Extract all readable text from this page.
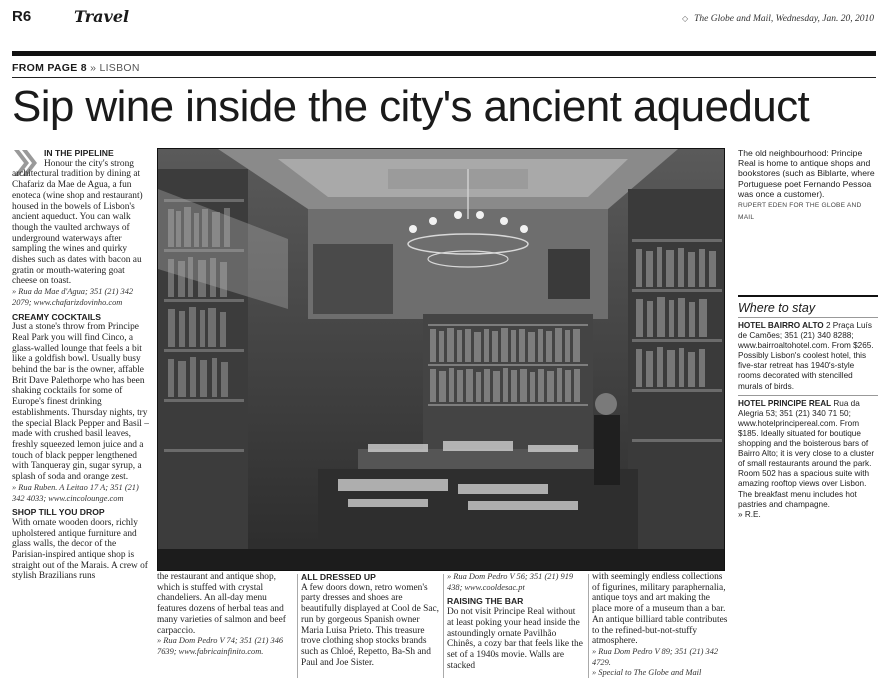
R6	Travel	◇ The Globe and Mail, Wednesday, Jan. 20, 2010
FROM PAGE 8 » LISBON
Sip wine inside the city's ancient aqueduct

IN THE PIPELINE

Honour the city's strong architectural tradition by dining at Chafariz da Mae de Agua, a fun enoteca (wine shop and restaurant) housed in the bowels of Lisbon's ancient aqueduct. You can walk though the vaulted archways of underground waterways after sampling the wines and quirky dishes such as dates with bacon au gratin or mouth-watering goat cheese on toast.

» Rua da Mae d'Agua; 351 (21) 342 2079; www.chafarizdovinho.com

CREAMY COCKTAILS

Just a stone's throw from Principe Real Park you will find Cinco, a glass-walled lounge that feels a bit like a goldfish bowl. Usually busy behind the bar is the owner, affable Brit Dave Palethorpe who has been shaking cocktails for some of Europe's finest drinking establishments. Thursday nights, try the special Black Pepper and Basil – made with crushed basil leaves, freshly squeezed lemon juice and a touch of black pepper lengthened with Tanqueray gin, sugar syrup, a splash of soda and orange zest.

» Rua Ruben. A Leitao 17 A; 351 (21) 342 4033; www.cincolounge.com

SHOP TILL YOU DROP

With ornate wooden doors, richly upholstered antique furniture and glass walls, the decor of the Parisian-inspired antique shop is straight out of the Marais. A crew of stylish Brazilians runs

The old neighbourhood: Principe Real is home to antique shops and bookstores (such as Biblarte, where Portuguese poet Fernando Pessoa was once a customer).
RUPERT EDEN FOR THE GLOBE AND MAIL
Where to stay

HOTEL BAIRRO ALTO 2 Praça Luís de Camões; 351 (21) 340 8288; www.bairroaltohotel.com. From $265. Possibly Lisbon's coolest hotel, this five-star retreat has 1940's-style rooms decorated with stencilled murals of birds.

HOTEL PRINCIPE REAL Rua da Alegria 53; 351 (21) 340 71 50; www.hotelprincipereal.com. From $185. Ideally situated for boutique shopping and the boisterous bars of Bairro Alto; it is very close to a cluster of small restaurants around the park. Room 502 has a spacious suite with amazing rooftop views over Lisbon. The breakfast menu includes hot pastries and champagne.

» R.E.

the restaurant and antique shop, which is stuffed with crystal chandeliers. An all-day menu features dozens of herbal teas and many varieties of salmon and beef carpaccio.

» Rua Dom Pedro V 74; 351 (21) 346 7639; www.fabricainfinito.com.

ALL DRESSED UP

A few doors down, retro women's party dresses and shoes are beautifully displayed at Cool de Sac, run by gorgeous Spanish owner Maria Luisa Prieto. This treasure trove clothing shop stocks brands such as Chloé, Repetto, Ba-Sh and Paul and Joe Sister.

» Rua Dom Pedro V 56; 351 (21) 919 438; www.cooldesac.pt

RAISING THE BAR

Do not visit Principe Real without at least poking your head inside the astoundingly ornate Pavilhão Chinês, a cozy bar that feels like the set of a 1940s movie. Walls are stacked

with seemingly endless collections of figurines, military paraphernalia, antique toys and art making the place more of a museum than a bar. An antique billiard table contributes to the refined-but-not-stuffy atmosphere.

» Rua Dom Pedro V 89; 351 (21) 342 4729.

» Special to The Globe and Mail
